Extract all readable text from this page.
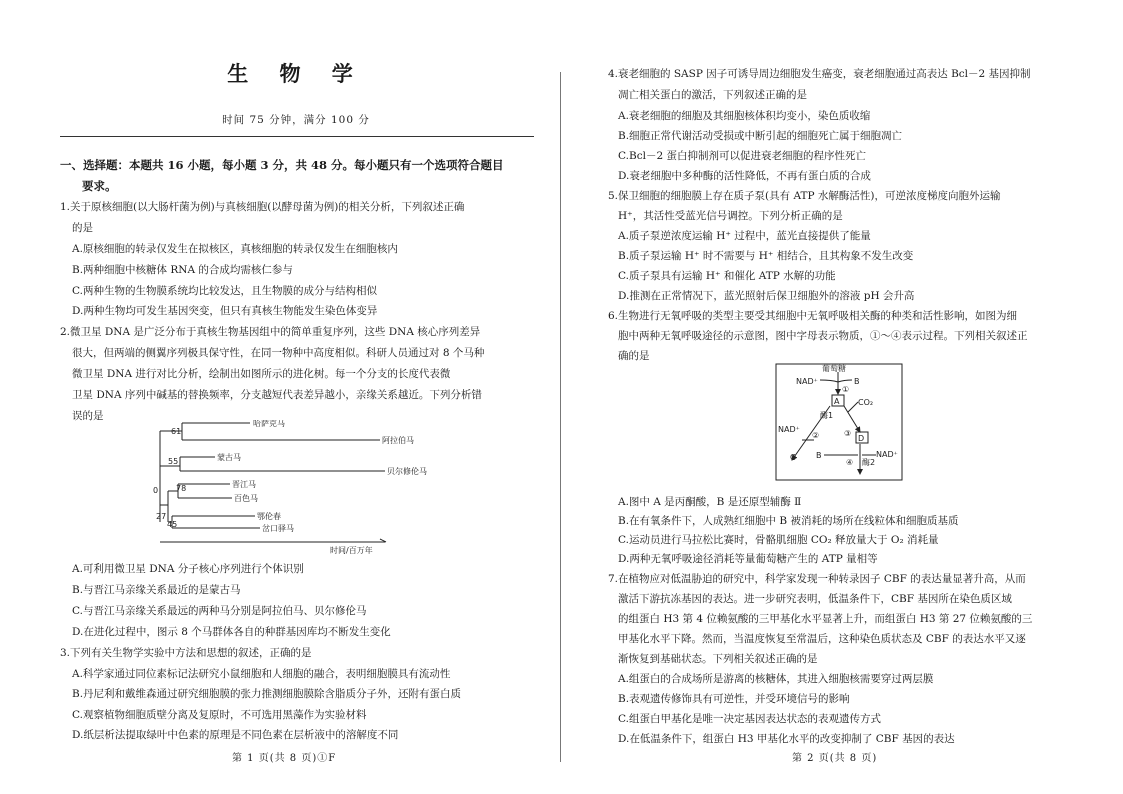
生 物 学
时间 75 分钟，满分 100 分
一、选择题：本题共 16 小题，每小题 3 分，共 48 分。每小题只有一个选项符合题目
要求。
1.关于原核细胞(以大肠杆菌为例)与真核细胞(以酵母菌为例)的相关分析，下列叙述正确
的是
A.原核细胞的转录仅发生在拟核区，真核细胞的转录仅发生在细胞核内
B.两种细胞中核糖体 RNA 的合成均需核仁参与
C.两种生物的生物膜系统均比较发达，且生物膜的成分与结构相似
D.两种生物均可发生基因突变，但只有真核生物能发生染色体变异
2.微卫星 DNA 是广泛分布于真核生物基因组中的简单重复序列，这些 DNA 核心序列差异
很大，但两端的侧翼序列极具保守性，在同一物种中高度相似。科研人员通过对 8 个马种
微卫星 DNA 进行对比分析，绘制出如图所示的进化树。每一个分支的长度代表微
卫星 DNA 序列中碱基的替换频率，分支越短代表差异越小，亲缘关系越近。下列分析错
误的是
61
55
78
27
45
0
哈萨克马
阿拉伯马
蒙古马
贝尔修伦马
晋江马
百色马
鄂伦春
岔口驿马
时间/百万年
A.可利用微卫星 DNA 分子核心序列进行个体识别
B.与晋江马亲缘关系最近的是蒙古马
C.与晋江马亲缘关系最远的两种马分别是阿拉伯马、贝尔修伦马
D.在进化过程中，图示 8 个马群体各自的种群基因库均不断发生变化
3.下列有关生物学实验中方法和思想的叙述，正确的是
A.科学家通过同位素标记法研究小鼠细胞和人细胞的融合，表明细胞膜具有流动性
B.丹尼利和戴维森通过研究细胞膜的张力推测细胞膜除含脂质分子外，还附有蛋白质
C.观察植物细胞质壁分离及复原时，不可选用黑藻作为实验材料
D.纸层析法提取绿叶中色素的原理是不同色素在层析液中的溶解度不同
第 1 页(共 8 页)①F
4.衰老细胞的 SASP 因子可诱导周边细胞发生癌变，衰老细胞通过高表达 Bcl－2 基因抑制
凋亡相关蛋白的激活，下列叙述正确的是
A.衰老细胞的细胞及其细胞核体积均变小，染色质收缩
B.细胞正常代谢活动受损或中断引起的细胞死亡属于细胞凋亡
C.Bcl－2 蛋白抑制剂可以促进衰老细胞的程序性死亡
D.衰老细胞中多种酶的活性降低，不再有蛋白质的合成
5.保卫细胞的细胞膜上存在质子泵(具有 ATP 水解酶活性)，可逆浓度梯度向胞外运输
H⁺，其活性受蓝光信号调控。下列分析正确的是
A.质子泵逆浓度运输 H⁺ 过程中，蓝光直接提供了能量
B.质子泵运输 H⁺ 时不需要与 H⁺ 相结合，且其构象不发生改变
C.质子泵具有运输 H⁺ 和催化 ATP 水解的功能
D.推测在正常情况下，蓝光照射后保卫细胞外的溶液 pH 会升高
6.生物进行无氧呼吸的类型主要受其细胞中无氧呼吸相关酶的种类和活性影响，如图为细
胞中两种无氧呼吸途径的示意图，图中字母表示物质，①～④表示过程。下列相关叙述正
确的是
葡萄糖
NAD⁺	B
①
A
酶1
CO₂
NAD⁺
②	③
D
C	B	NAD⁺
④ 酶2
A.图中 A 是丙酮酸，B 是还原型辅酶 Ⅱ
B.在有氧条件下，人成熟红细胞中 B 被消耗的场所在线粒体和细胞质基质
C.运动员进行马拉松比赛时，骨骼肌细胞 CO₂ 释放量大于 O₂ 消耗量
D.两种无氧呼吸途径消耗等量葡萄糖产生的 ATP 量相等
7.在植物应对低温胁迫的研究中，科学家发现一种转录因子 CBF 的表达量显著升高，从而
激活下游抗冻基因的表达。进一步研究表明，低温条件下，CBF 基因所在染色质区域
的组蛋白 H3 第 4 位赖氨酸的三甲基化水平显著上升，而组蛋白 H3 第 27 位赖氨酸的三
甲基化水平下降。然而，当温度恢复至常温后，这种染色质状态及 CBF 的表达水平又逐
渐恢复到基础状态。下列相关叙述正确的是
A.组蛋白的合成场所是游离的核糖体，其进入细胞核需要穿过两层膜
B.表观遗传修饰具有可逆性，并受环境信号的影响
C.组蛋白甲基化是唯一决定基因表达状态的表观遗传方式
D.在低温条件下，组蛋白 H3 甲基化水平的改变抑制了 CBF 基因的表达
第 2 页(共 8 页)
